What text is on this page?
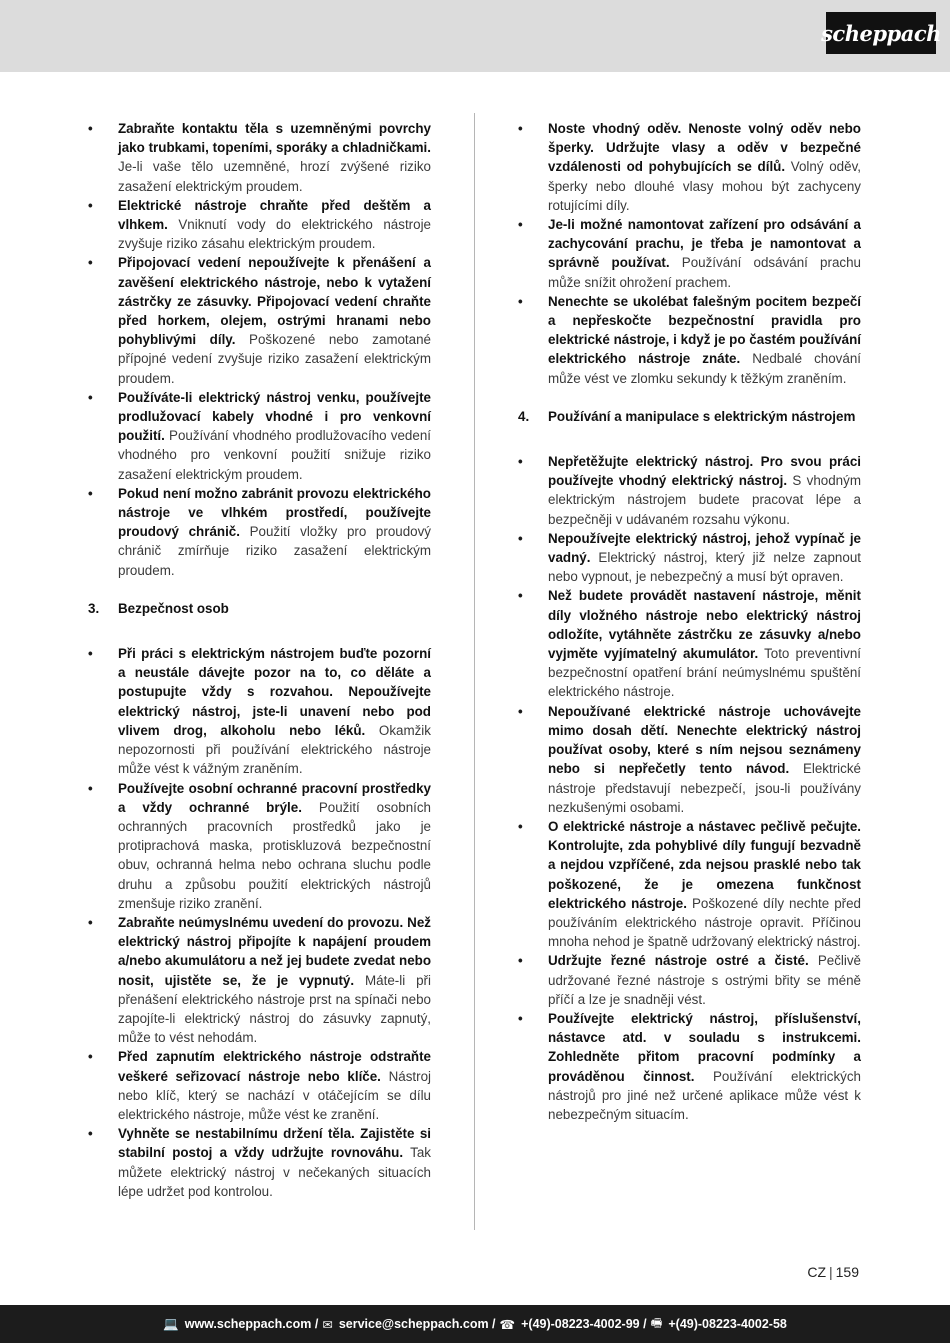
scheppach
• Zabraňte kontaktu těla s uzemněnými povrchy jako trubkami, topeními, sporáky a chladničkami. Je-li vaše tělo uzemněné, hrozí zvýšené riziko zasažení elektrickým proudem.
• Elektrické nástroje chraňte před deštěm a vlhkem. Vniknutí vody do elektrického nástroje zvyšuje riziko zásahu elektrickým proudem.
• Připojovací vedení nepoužívejte k přenášení a zavěšení elektrického nástroje, nebo k vytažení zástrčky ze zásuvky. Připojovací vedení chraňte před horkem, olejem, ostrými hranami nebo pohyblivými díly. Poškozené nebo zamotané přípojné vedení zvyšuje riziko zasažení elektrickým proudem.
• Používáte-li elektrický nástroj venku, používejte prodlužovací kabely vhodné i pro venkovní použití. Používání vhodného prodlužovacího vedení vhodného pro venkovní použití snižuje riziko zasažení elektrickým proudem.
• Pokud není možno zabránit provozu elektrického nástroje ve vlhkém prostředí, používejte proudový chránič. Použití vložky pro proudový chránič zmírňuje riziko zasažení elektrickým proudem.
3. Bezpečnost osob
• Při práci s elektrickým nástrojem buďte pozorní a neustále dávejte pozor na to, co děláte a postupujte vždy s rozvahou. Nepoužívejte elektrický nástroj, jste-li unavení nebo pod vlivem drog, alkoholu nebo léků. Okamžik nepozornosti při používání elektrického nástroje může vést k vážným zraněním.
• Používejte osobní ochranné pracovní prostředky a vždy ochranné brýle. Použití osobních ochranných pracovních prostředků jako je protiprachová maska, protiskluzová bezpečnostní obuv, ochranná helma nebo ochrana sluchu podle druhu a způsobu použití elektrických nástrojů zmenšuje riziko zranění.
• Zabraňte neúmyslnému uvedení do provozu. Než elektrický nástroj připojíte k napájení proudem a/nebo akumulátoru a než jej budete zvedat nebo nosit, ujistěte se, že je vypnutý. Máte-li při přenášení elektrického nástroje prst na spínači nebo zapojíte-li elektrický nástroj do zásuvky zapnutý, může to vést nehodám.
• Před zapnutím elektrického nástroje odstraňte veškeré seřizovací nástroje nebo klíče. Nástroj nebo klíč, který se nachází v otáčejícím se dílu elektrického nástroje, může vést ke zranění.
• Vyhněte se nestabilnímu držení těla. Zajistěte si stabilní postoj a vždy udržujte rovnováhu. Tak můžete elektrický nástroj v nečekaných situacích lépe udržet pod kontrolou.
• Noste vhodný oděv. Nenoste volný oděv nebo šperky. Udržujte vlasy a oděv v bezpečné vzdálenosti od pohybujících se dílů. Volný oděv, šperky nebo dlouhé vlasy mohou být zachyceny rotujícími díly.
• Je-li možné namontovat zařízení pro odsávání a zachycování prachu, je třeba je namontovat a správně používat. Používání odsávání prachu může snížit ohrožení prachem.
• Nenechte se ukolébat falešným pocitem bezpečí a nepřeskočte bezpečnostní pravidla pro elektrické nástroje, i když je po častém používání elektrického nástroje znáte. Nedbalé chování může vést ve zlomku sekundy k těžkým zraněním.
4. Používání a manipulace s elektrickým nástrojem
• Nepřetěžujte elektrický nástroj. Pro svou práci používejte vhodný elektrický nástroj. S vhodným elektrickým nástrojem budete pracovat lépe a bezpečněji v udávaném rozsahu výkonu.
• Nepoužívejte elektrický nástroj, jehož vypínač je vadný. Elektrický nástroj, který již nelze zapnout nebo vypnout, je nebezpečný a musí být opraven.
• Než budete provádět nastavení nástroje, měnit díly vložného nástroje nebo elektrický nástroj odložíte, vytáhněte zástrčku ze zásuvky a/nebo vyjměte vyjímatelný akumulátor. Toto preventivní bezpečnostní opatření brání neúmyslnému spuštění elektrického nástroje.
• Nepoužívané elektrické nástroje uchovávejte mimo dosah dětí. Nenechte elektrický nástroj používat osoby, které s ním nejsou seznámeny nebo si nepřečetly tento návod. Elektrické nástroje představují nebezpečí, jsou-li používány nezkušenými osobami.
• O elektrické nástroje a nástavec pečlivě pečujte. Kontrolujte, zda pohyblivé díly fungují bezvadně a nejdou vzpříčené, zda nejsou prasklé nebo tak poškozené, že je omezena funkčnost elektrického nástroje. Poškozené díly nechte před používáním elektrického nástroje opravit. Příčinou mnoha nehod je špatně udržovaný elektrický nástroj.
• Udržujte řezné nástroje ostré a čisté. Pečlivě udržované řezné nástroje s ostrými břity se méně příčí a lze je snadněji vést.
• Používejte elektrický nástroj, příslušenství, nástavce atd. v souladu s instrukcemi. Zohledněte přitom pracovní podmínky a prováděnou činnost. Používání elektrických nástrojů pro jiné než určené aplikace může vést k nebezpečným situacím.
CZ | 159
💻 www.scheppach.com / ✉ service@scheppach.com / ☎ +(49)-08223-4002-99 / 🖷 +(49)-08223-4002-58
